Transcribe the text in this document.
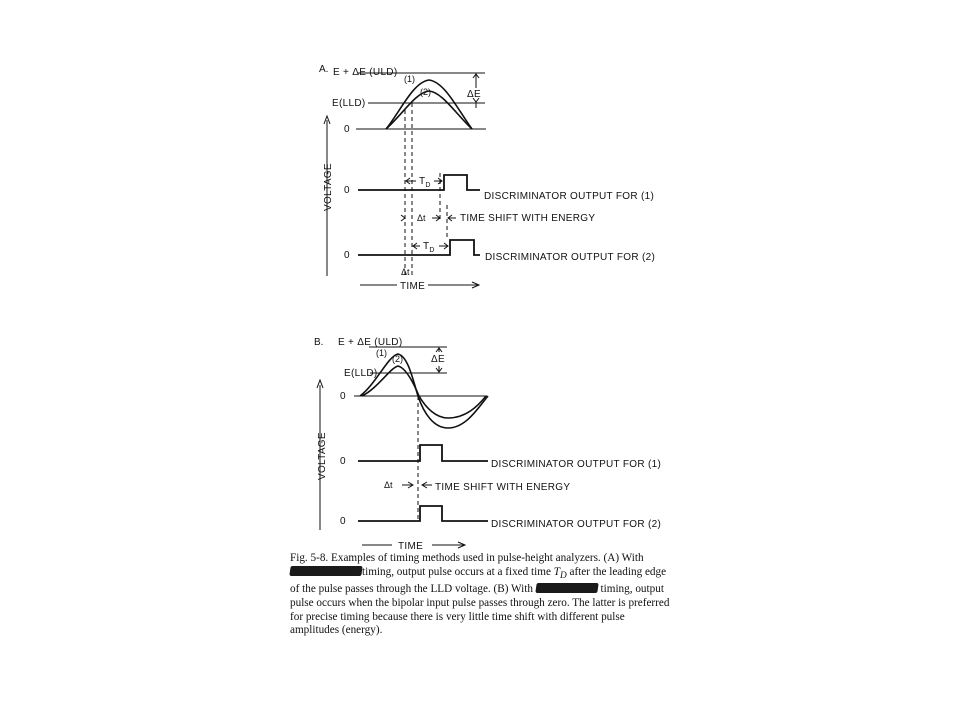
A. E + ΔE (ULD)
(1)
(2)
E(LLD)
ΔE
0
0
0
$T_D$
$T_D$
DISCRIMINATOR OUTPUT FOR (1)
Δt	TIME SHIFT WITH ENERGY
DISCRIMINATOR OUTPUT FOR (2)
Δt
VOLTAGE
TIME
B. E + ΔE (ULD)
(1)
(2)
E(LLD)
ΔE
0
0
0
DISCRIMINATOR OUTPUT FOR (1)
Δt	TIME SHIFT WITH ENERGY
DISCRIMINATOR OUTPUT FOR (2)
VOLTAGE
TIME
Fig. 5-8. Examples of timing methods used in pulse-height analyzers. (A) With timing, output pulse occurs at a fixed time $T_D$ after the leading edge of the pulse passes through the LLD voltage. (B) With	timing, output pulse occurs when the bipolar input pulse passes through zero. The latter is preferred for precise timing because there is very little time shift with different pulse amplitudes (energy).
